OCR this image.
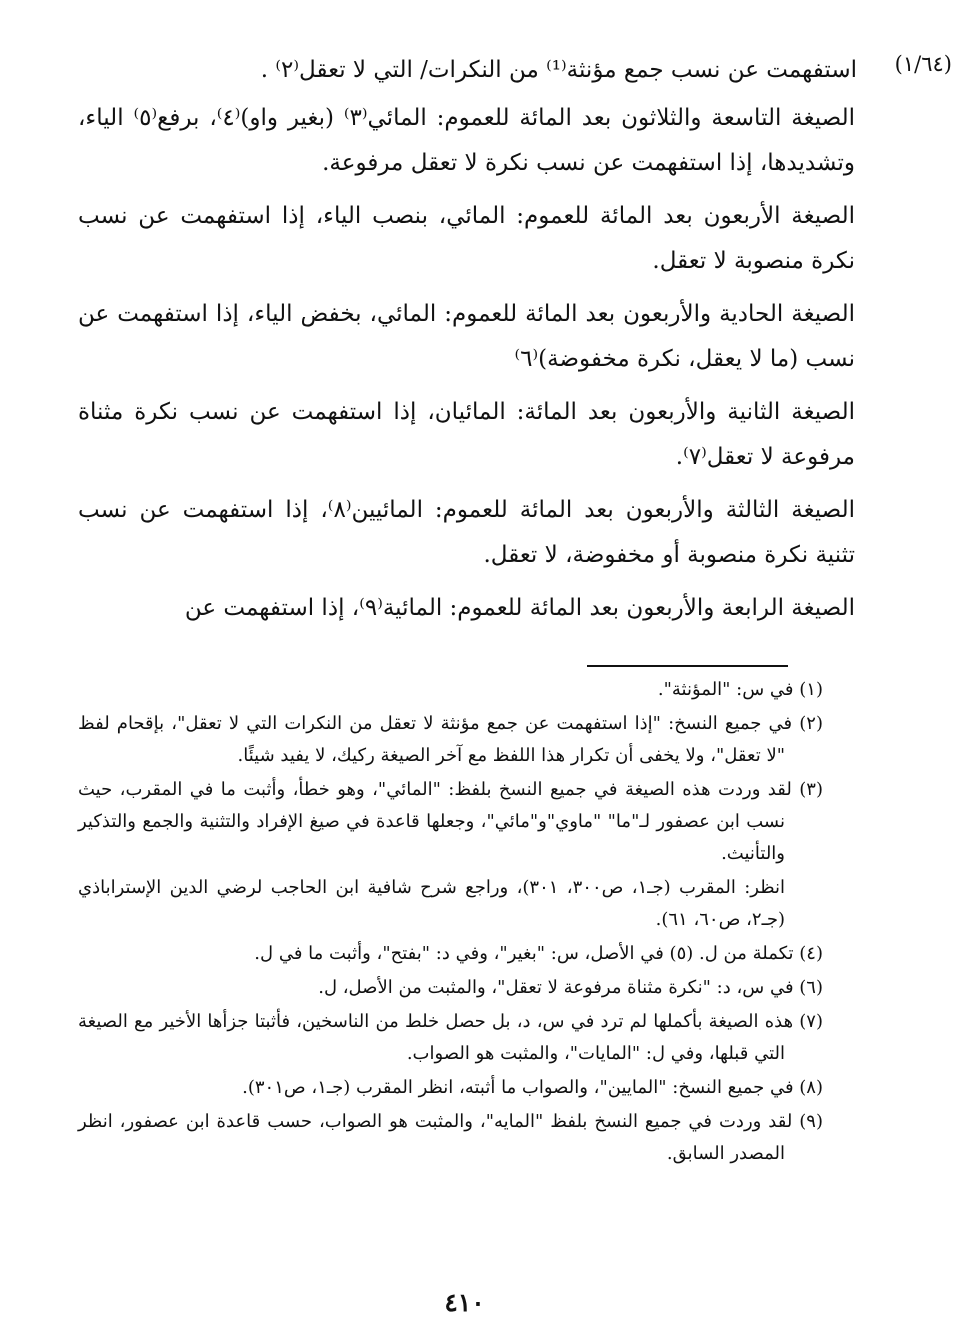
(١/٦٤)
استفهمت عن نسب جمع مؤنثة⁽¹⁾ من النكرات/ التي لا تعقل⁽٢⁾ .

الصيغة التاسعة والثلاثون بعد المائة للعموم: المائي⁽٣⁾ (بغير واو)⁽٤⁾، برفع⁽٥⁾ الياء، وتشديدها، إذا استفهمت عن نسب نكرة لا تعقل مرفوعة.

الصيغة الأربعون بعد المائة للعموم: المائي، بنصب الياء، إذا استفهمت عن نسب نكرة منصوبة لا تعقل.

الصيغة الحادية والأربعون بعد المائة للعموم: المائي، بخفض الياء، إذا استفهمت عن نسب (ما لا يعقل، نكرة مخفوضة)⁽٦⁾

الصيغة الثانية والأربعون بعد المائة: المائيان، إذا استفهمت عن نسب نكرة مثناة مرفوعة لا تعقل⁽٧⁾.

الصيغة الثالثة والأربعون بعد المائة للعموم: المائيين⁽٨⁾، إذا استفهمت عن نسب تثنية نكرة منصوبة أو مخفوضة، لا تعقل.

الصيغة الرابعة والأربعون بعد المائة للعموم: المائية⁽٩⁾، إذا استفهمت عن

(١) في س: "المؤنثة".

(٢) في جميع النسخ: "إذا استفهمت عن جمع مؤنثة لا تعقل من النكرات التي لا تعقل"، بإقحام لفظ "لا تعقل"، ولا يخفى أن تكرار هذا اللفظ مع آخر الصيغة ركيك، لا يفيد شيئًا.

(٣) لقد وردت هذه الصيغة في جميع النسخ بلفظ: "المائي"، وهو خطأ، وأثبت ما في المقرب، حيث نسب ابن عصفور لـ"ما" "ماوي"و"مائي"، وجعلها قاعدة في صيغ الإفراد والتثنية والجمع والتذكير والتأنيث.

انظر: المقرب (جـ١، ص٣٠٠، ٣٠١)، وراجع شرح شافية ابن الحاجب لرضي الدين الإستراباذي (جـ٢، ص٦٠، ٦١).

(٤) تكملة من ل. (٥) في الأصل، س: "بغير"، وفي د: "بفتح"، وأثبت ما في ل.

(٦) في س، د: "نكرة مثناة مرفوعة لا تعقل"، والمثبت من الأصل، ل.

(٧) هذه الصيغة بأكملها لم ترد في س، د، بل حصل خلط من الناسخين، فأثبتا جزأها الأخير مع الصيغة التي قبلها، وفي ل: "المايات"، والمثبت هو الصواب.

(٨) في جميع النسخ: "المايين"، والصواب ما أثبته، انظر المقرب (جـ١، ص٣٠١).

(٩) لقد وردت في جميع النسخ بلفظ "المايه"، والمثبت هو الصواب، حسب قاعدة ابن عصفور، انظر المصدر السابق.

٤١٠
